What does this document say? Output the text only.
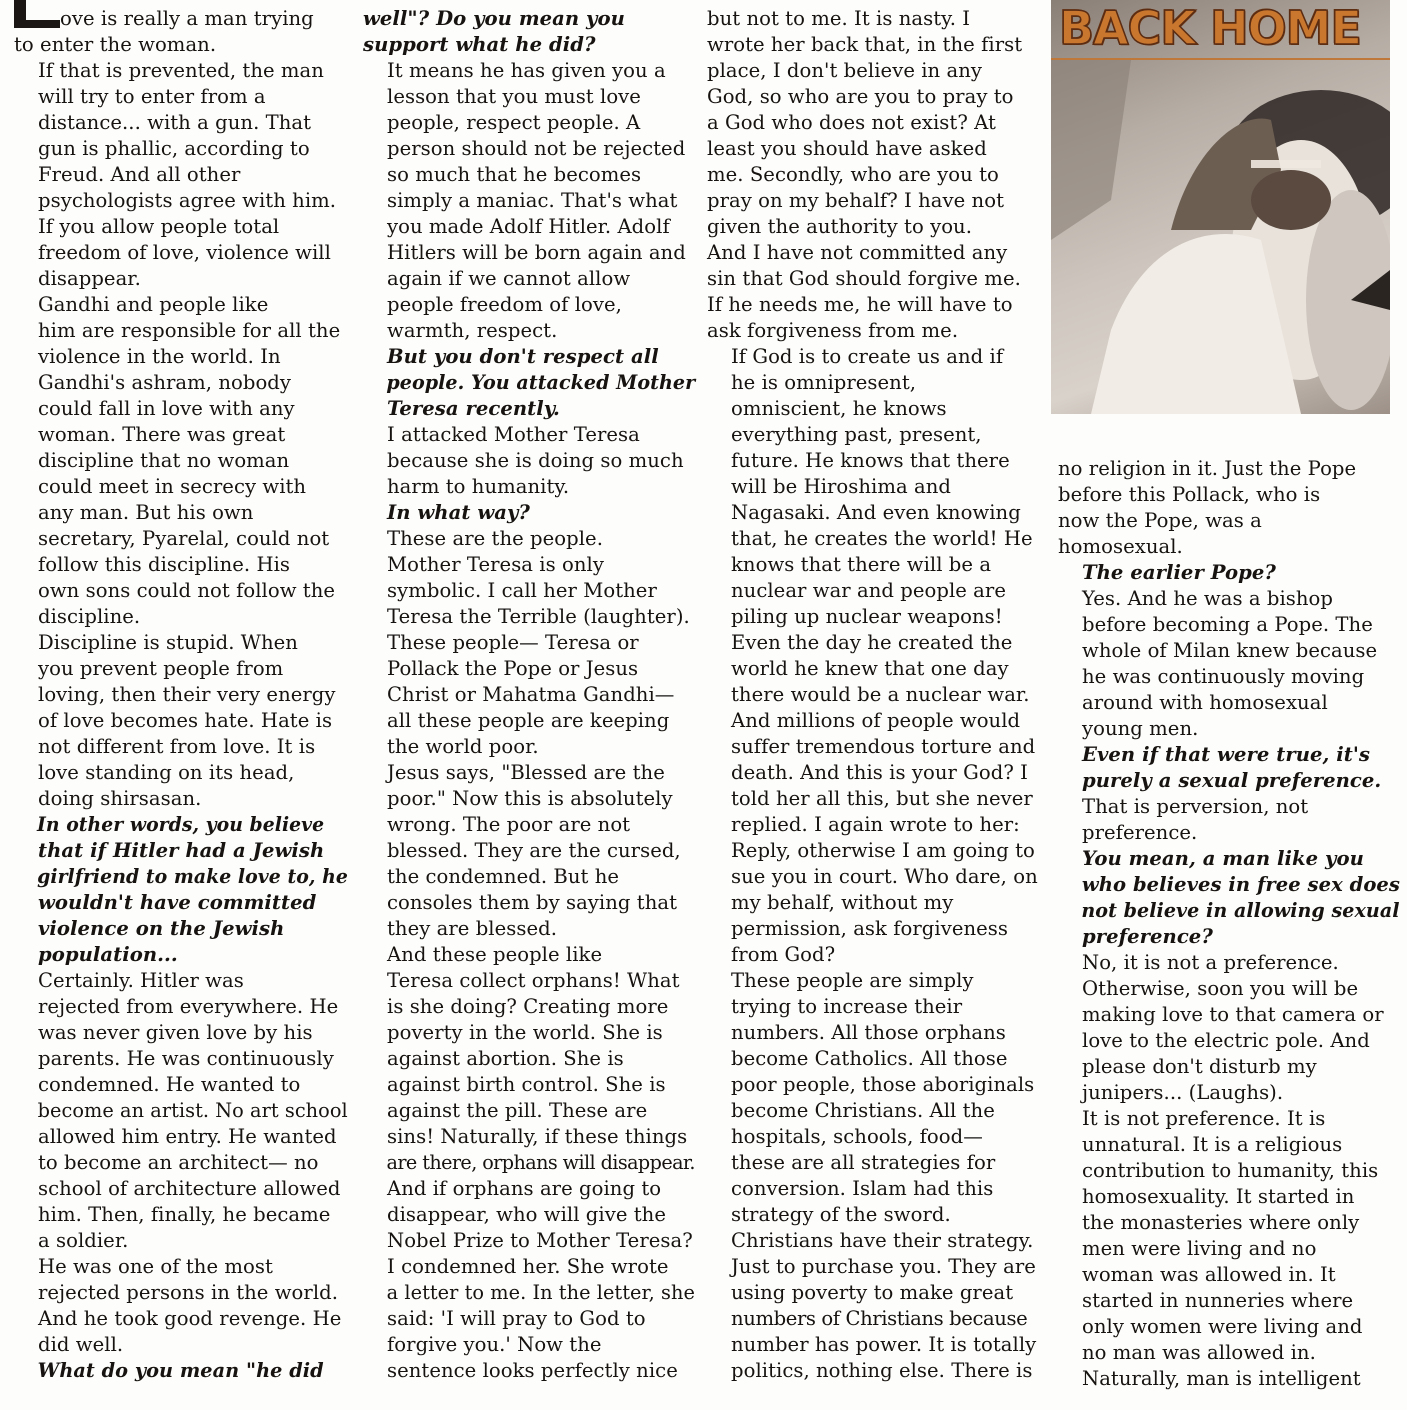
BACK HOME

ove is really a man trying
to enter the woman.

If that is prevented, the man
will try to enter from a
distance... with a gun. That
gun is phallic, according to
Freud. And all other
psychologists agree with him.
If you allow people total
freedom of love, violence will
disappear.

Gandhi and people like
him are responsible for all the
violence in the world. In
Gandhi's ashram, nobody
could fall in love with any
woman. There was great
discipline that no woman
could meet in secrecy with
any man. But his own
secretary, Pyarelal, could not
follow this discipline. His
own sons could not follow the
discipline.

Discipline is stupid. When
you prevent people from
loving, then their very energy
of love becomes hate. Hate is
not different from love. It is
love standing on its head,
doing shirsasan.

In other words, you believe
that if Hitler had a Jewish
girlfriend to make love to, he
wouldn't have committed
violence on the Jewish
population...

Certainly. Hitler was
rejected from everywhere. He
was never given love by his
parents. He was continuously
condemned. He wanted to
become an artist. No art school
allowed him entry. He wanted
to become an architect— no
school of architecture allowed
him. Then, finally, he became
a soldier.

He was one of the most
rejected persons in the world.
And he took good revenge. He
did well.

What do you mean "he did

well"? Do you mean you
support what he did?

It means he has given you a
lesson that you must love
people, respect people. A
person should not be rejected
so much that he becomes
simply a maniac. That's what
you made Adolf Hitler. Adolf
Hitlers will be born again and
again if we cannot allow
people freedom of love,
warmth, respect.

But you don't respect all
people. You attacked Mother
Teresa recently.

I attacked Mother Teresa
because she is doing so much
harm to humanity.

In what way?

These are the people.
Mother Teresa is only
symbolic. I call her Mother
Teresa the Terrible (laughter).
These people— Teresa or
Pollack the Pope or Jesus
Christ or Mahatma Gandhi—
all these people are keeping
the world poor.

Jesus says, "Blessed are the
poor." Now this is absolutely
wrong. The poor are not
blessed. They are the cursed,
the condemned. But he
consoles them by saying that
they are blessed.

And these people like
Teresa collect orphans! What
is she doing? Creating more
poverty in the world. She is
against abortion. She is
against birth control. She is
against the pill. These are
sins! Naturally, if these things
are there, orphans will disappear.
And if orphans are going to
disappear, who will give the
Nobel Prize to Mother Teresa?

I condemned her. She wrote
a letter to me. In the letter, she
said: 'I will pray to God to
forgive you.' Now the
sentence looks perfectly nice

but not to me. It is nasty. I
wrote her back that, in the first
place, I don't believe in any
God, so who are you to pray to
a God who does not exist? At
least you should have asked
me. Secondly, who are you to
pray on my behalf? I have not
given the authority to you.
And I have not committed any
sin that God should forgive me.
If he needs me, he will have to
ask forgiveness from me.

If God is to create us and if
he is omnipresent,
omniscient, he knows
everything past, present,
future. He knows that there
will be Hiroshima and
Nagasaki. And even knowing
that, he creates the world! He
knows that there will be a
nuclear war and people are
piling up nuclear weapons!
Even the day he created the
world he knew that one day
there would be a nuclear war.
And millions of people would
suffer tremendous torture and
death. And this is your God? I
told her all this, but she never
replied. I again wrote to her:
Reply, otherwise I am going to
sue you in court. Who dare, on
my behalf, without my
permission, ask forgiveness
from God?

These people are simply
trying to increase their
numbers. All those orphans
become Catholics. All those
poor people, those aboriginals
become Christians. All the
hospitals, schools, food—
these are all strategies for
conversion. Islam had this
strategy of the sword.
Christians have their strategy.
Just to purchase you. They are
using poverty to make great
numbers of Christians because
number has power. It is totally
politics, nothing else. There is

no religion in it. Just the Pope
before this Pollack, who is
now the Pope, was a
homosexual.

The earlier Pope?

Yes. And he was a bishop
before becoming a Pope. The
whole of Milan knew because
he was continuously moving
around with homosexual
young men.

Even if that were true, it's
purely a sexual preference.

That is perversion, not
preference.

You mean, a man like you
who believes in free sex does
not believe in allowing sexual
preference?

No, it is not a preference.
Otherwise, soon you will be
making love to that camera or
love to the electric pole. And
please don't disturb my
junipers... (Laughs).

It is not preference. It is
unnatural. It is a religious
contribution to humanity, this
homosexuality. It started in
the monasteries where only
men were living and no
woman was allowed in. It
started in nunneries where
only women were living and
no man was allowed in.
Naturally, man is intelligent
